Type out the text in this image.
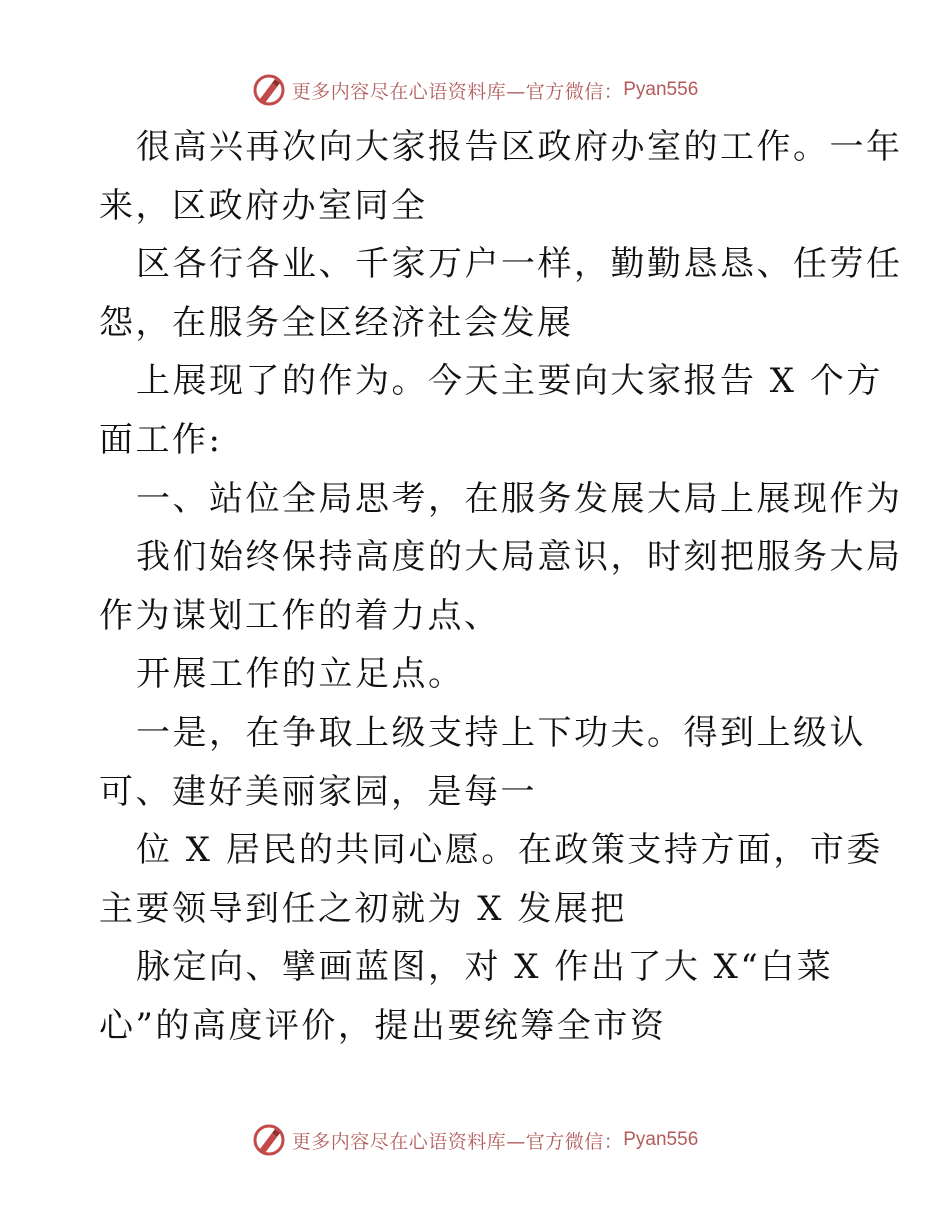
更多内容尽在心语资料库—官方微信： Pyan556
很高兴再次向大家报告区政府办室的工作。一年
来，区政府办室同全
区各行各业、千家万户一样，勤勤恳恳、任劳任
怨，在服务全区经济社会发展
上展现了的作为。今天主要向大家报告 X 个方
面工作:
一、站位全局思考，在服务发展大局上展现作为
我们始终保持高度的大局意识，时刻把服务大局
作为谋划工作的着力点、
开展工作的立足点。
一是，在争取上级支持上下功夫。得到上级认
可、建好美丽家园，是每一
位 X 居民的共同心愿。在政策支持方面，市委
主要领导到任之初就为 X 发展把
脉定向、擘画蓝图，对 X 作出了大 X“白菜
心”的高度评价，提出要统筹全市资
更多内容尽在心语资料库—官方微信： Pyan556
